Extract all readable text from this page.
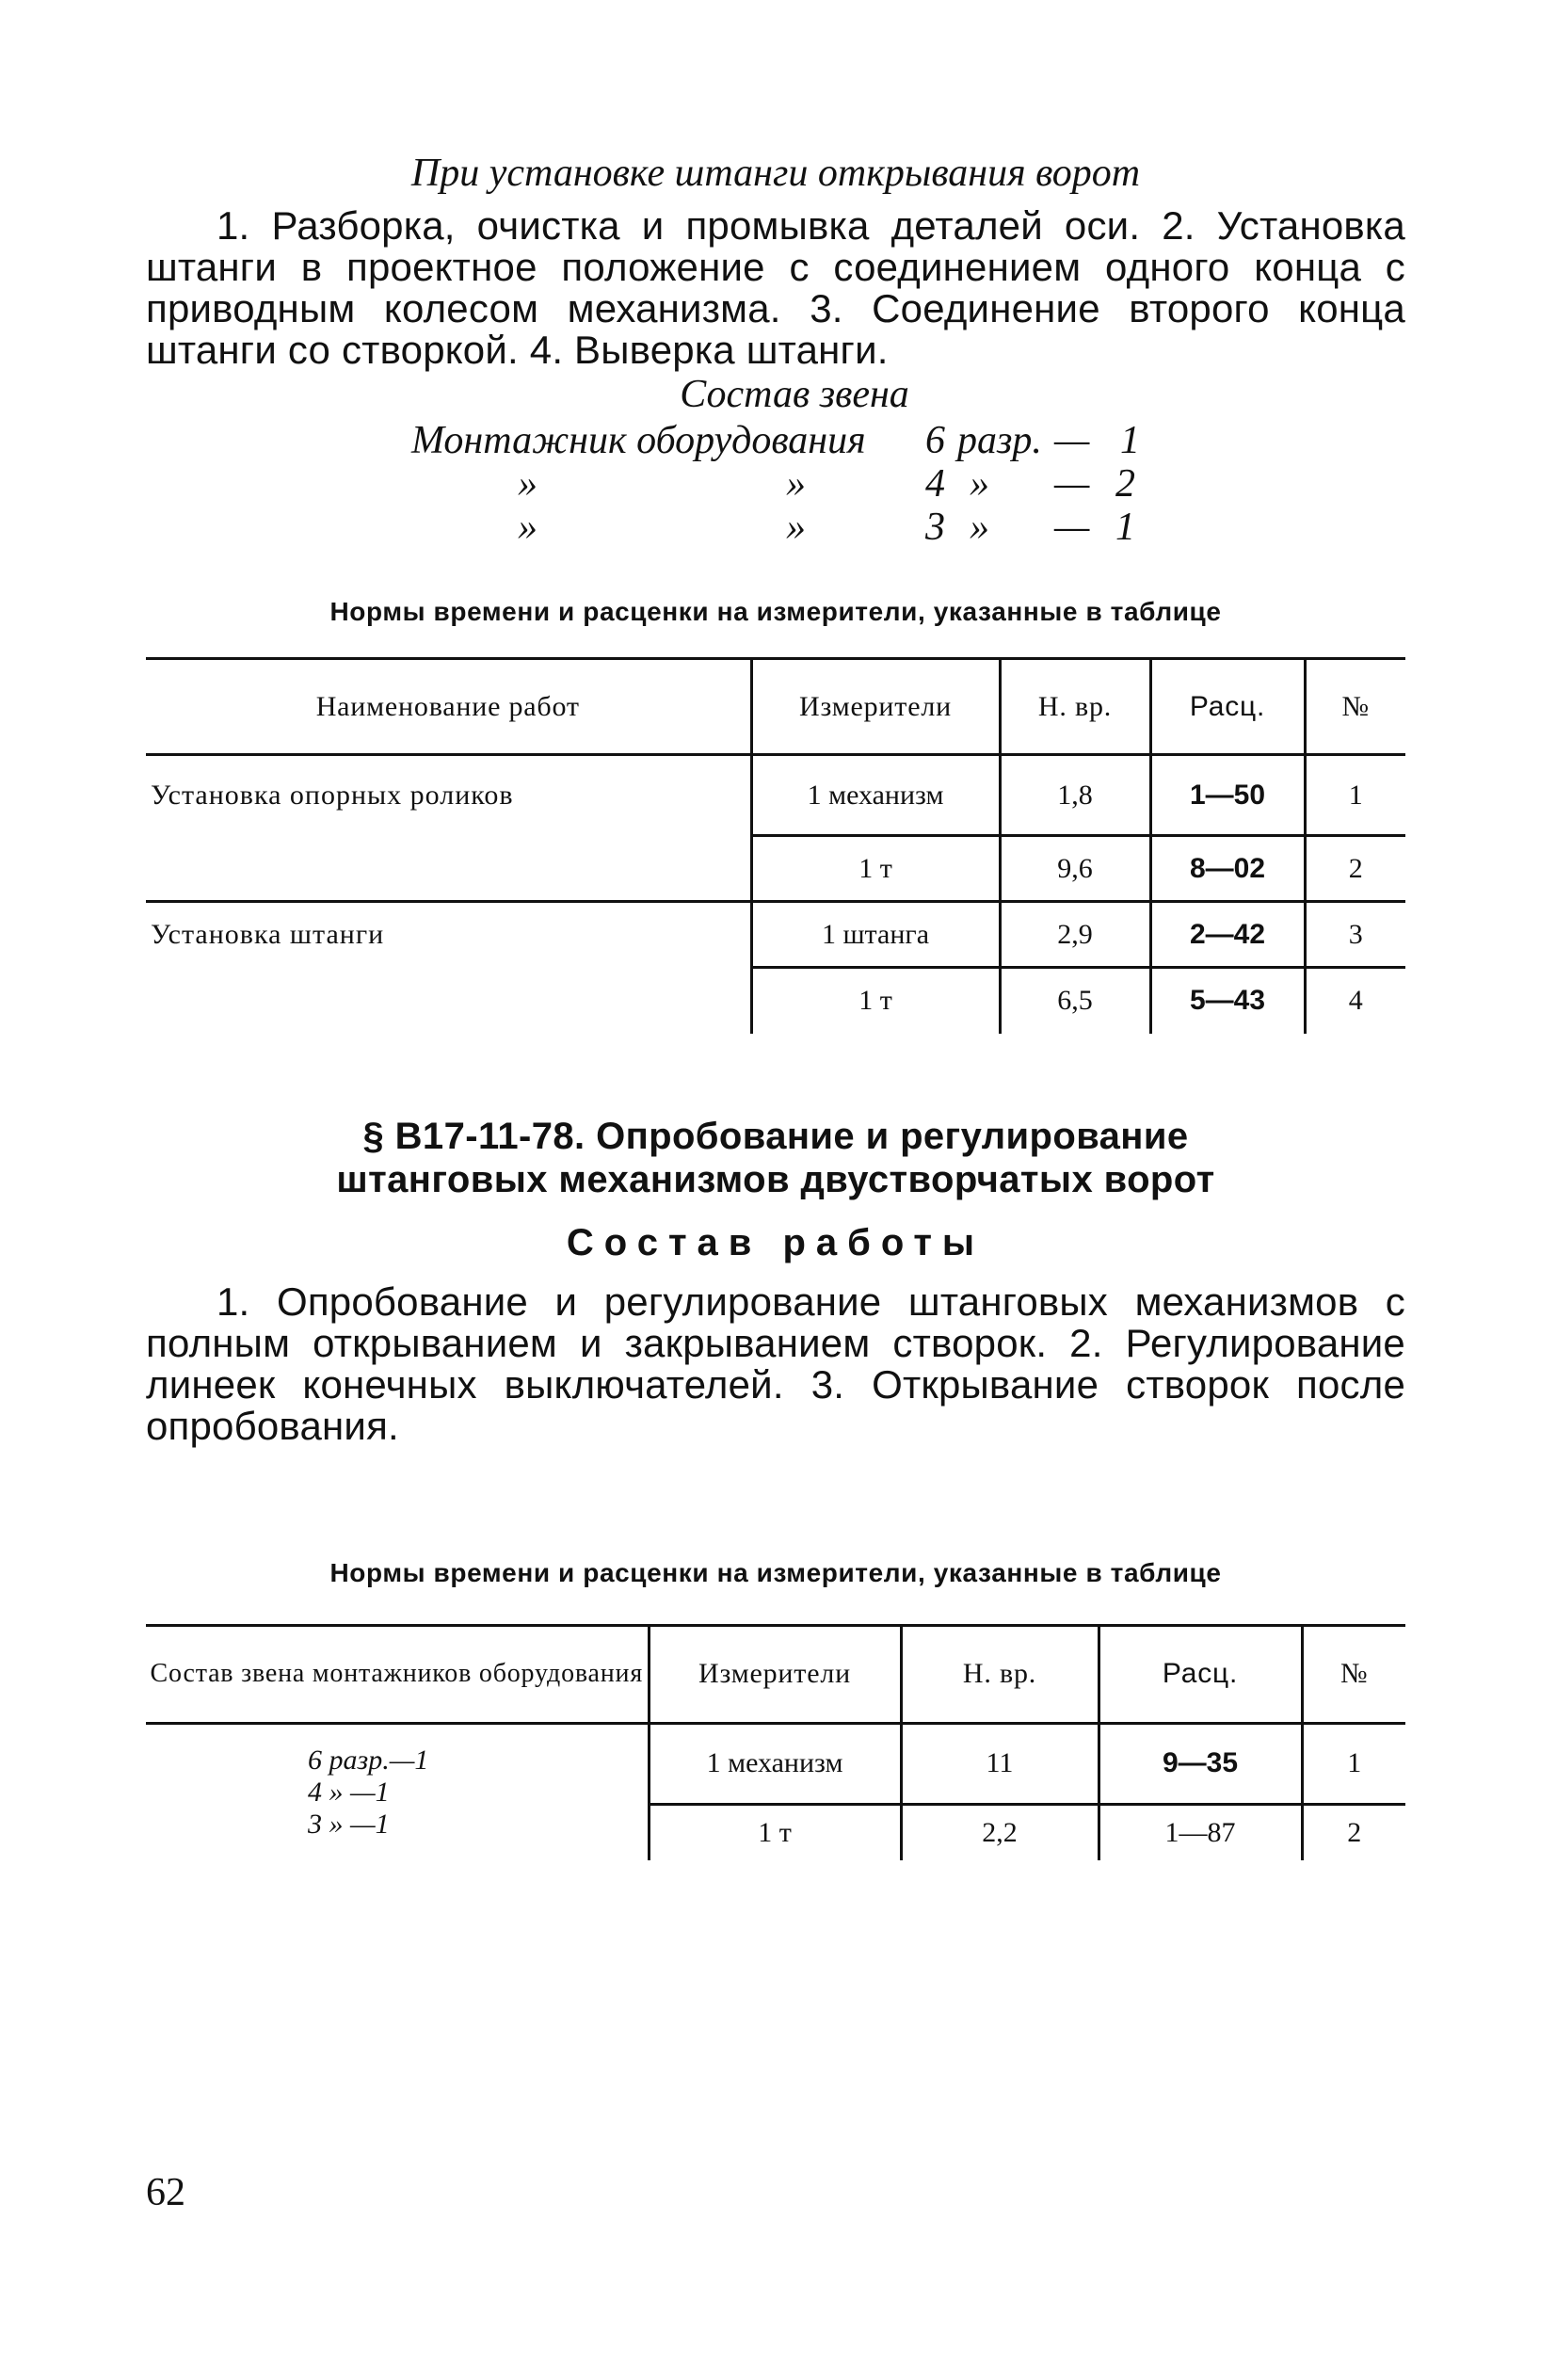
При установке штанги открывания ворот

1. Разборка, очистка и промывка деталей оси. 2. Установка штанги в проектное положение с соединением одного конца с приводным колесом механизма. 3. Соединение второго конца штанги со створкой. 4. Выверка штанги.

Состав звена
Монтажник оборудования 6 разр. — 1
»	»	4 » — 2
»	»	3 » — 1
Нормы времени и расценки на измерители, указанные в таблице
Наименование работ	Измерители	Н. вр.	Расц.	№
Установка опорных роликов	1 механизм	1,8	1—50	1
	1 т	9,6	8—02	2
Установка штанги	1 штанга	2,9	2—42	3
	1 т	6,5	5—43	4
§ В17-11-78. Опробование и регулирование
штанговых механизмов двустворчатых ворот
Состав работы

1. Опробование и регулирование штанговых механизмов с полным открыванием и закрыванием створок. 2. Регулирование линеек конечных выключателей. 3. Открывание створок после опробования.

Нормы времени и расценки на измерители, указанные в таблице
Состав звена монтажников оборудования	Измерители	Н. вр.	Расц.	№

6 разр.—1
4 » —1
3 » —1	1 механизм	11	9—35	1
	1 т	2,2	1—87	2
62
